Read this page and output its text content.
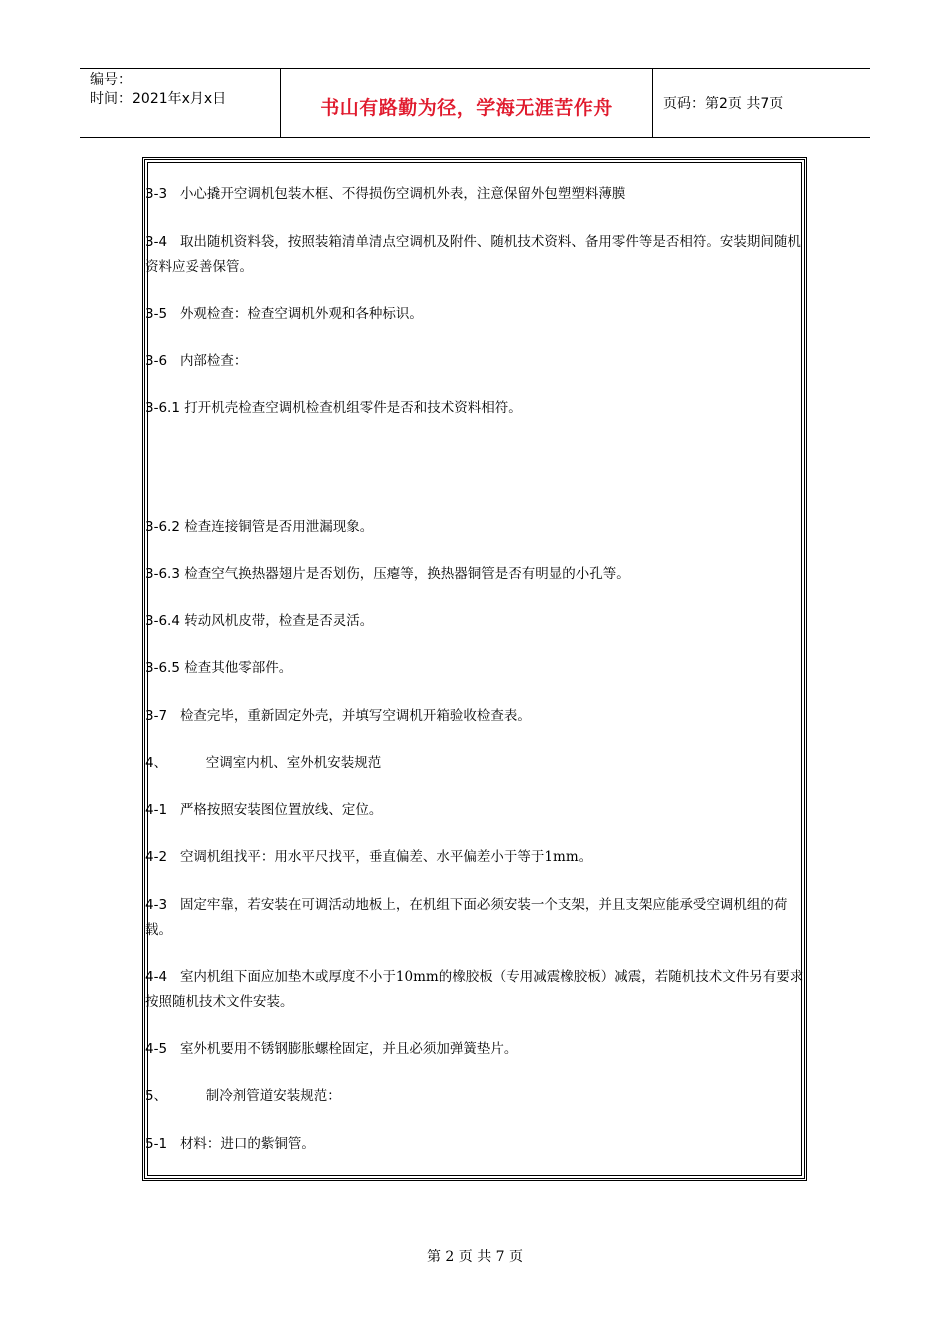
编号：
时间：2021年x月x日	书山有路勤为径，学海无涯苦作舟	页码：第2页 共7页
3-3 小心撬开空调机包装木框、不得损伤空调机外表，注意保留外包塑塑料薄膜
3-4 取出随机资料袋，按照装箱清单清点空调机及附件、随机技术资料、备用零件等是否相符。安装期间随机资料应妥善保管。
3-5 外观检查：检查空调机外观和各种标识。
3-6 内部检查：
3-6.1 打开机壳检查空调机检查机组零件是否和技术资料相符。
3-6.2 检查连接铜管是否用泄漏现象。
3-6.3 检查空气换热器翅片是否划伤，压瘪等，换热器铜管是否有明显的小孔等。
3-6.4 转动风机皮带，检查是否灵活。
3-6.5 检查其他零部件。
3-7 检查完毕，重新固定外壳，并填写空调机开箱验收检查表。
4、	空调室内机、室外机安装规范
4-1 严格按照安装图位置放线、定位。
4-2 空调机组找平：用水平尺找平，垂直偏差、水平偏差小于等于1mm。
4-3 固定牢靠，若安装在可调活动地板上，在机组下面必须安装一个支架，并且支架应能承受空调机组的荷载。
4-4 室内机组下面应加垫木或厚度不小于10mm的橡胶板（专用减震橡胶板）减震，若随机技术文件另有要求按照随机技术文件安装。
4-5 室外机要用不锈钢膨胀螺栓固定，并且必须加弹簧垫片。
5、	制冷剂管道安装规范：
5-1 材料：进口的紫铜管。
第 2 页 共 7 页
